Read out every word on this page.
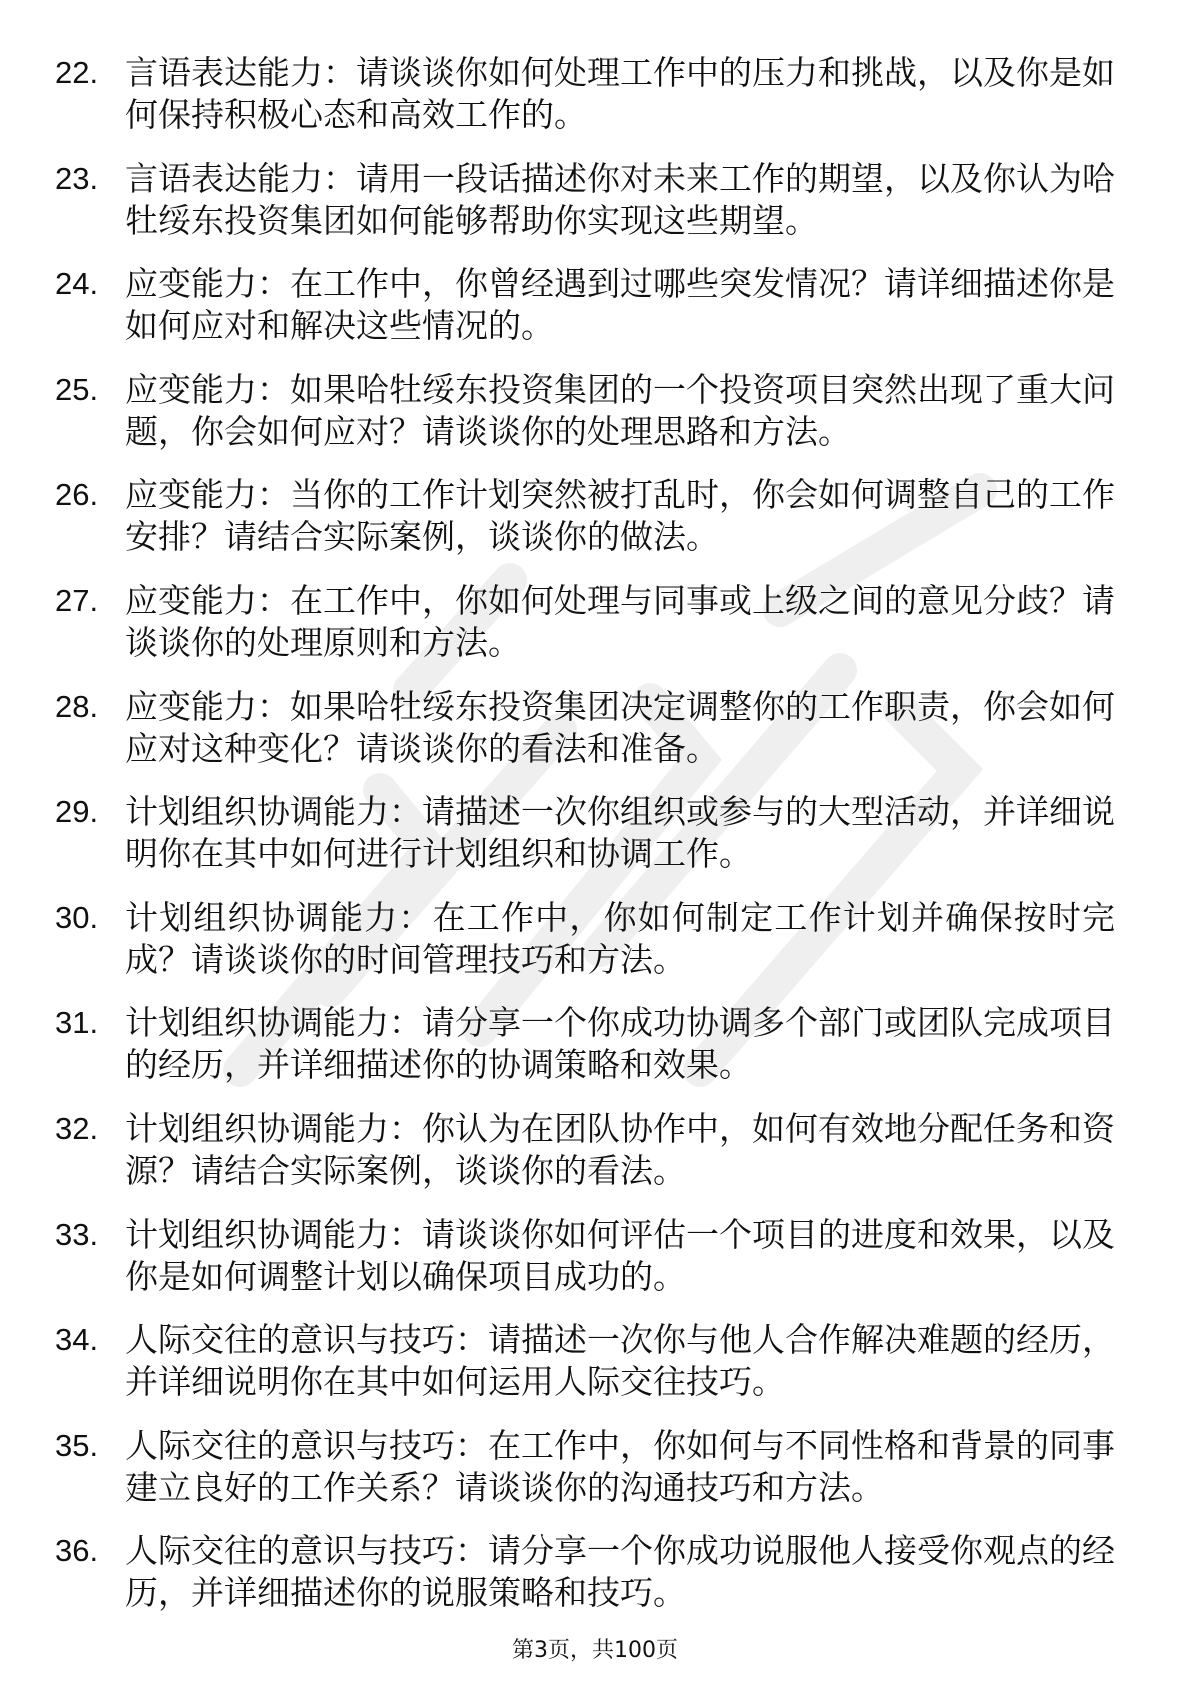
22. 言语表达能力：请谈谈你如何处理工作中的压力和挑战，以及你是如何保持积极心态和高效工作的。
23. 言语表达能力：请用一段话描述你对未来工作的期望，以及你认为哈牡绥东投资集团如何能够帮助你实现这些期望。
24. 应变能力：在工作中，你曾经遇到过哪些突发情况？请详细描述你是如何应对和解决这些情况的。
25. 应变能力：如果哈牡绥东投资集团的一个投资项目突然出现了重大问题，你会如何应对？请谈谈你的处理思路和方法。
26. 应变能力：当你的工作计划突然被打乱时，你会如何调整自己的工作安排？请结合实际案例，谈谈你的做法。
27. 应变能力：在工作中，你如何处理与同事或上级之间的意见分歧？请谈谈你的处理原则和方法。
28. 应变能力：如果哈牡绥东投资集团决定调整你的工作职责，你会如何应对这种变化？请谈谈你的看法和准备。
29. 计划组织协调能力：请描述一次你组织或参与的大型活动，并详细说明你在其中如何进行计划组织和协调工作。
30. 计划组织协调能力：在工作中，你如何制定工作计划并确保按时完成？请谈谈你的时间管理技巧和方法。
31. 计划组织协调能力：请分享一个你成功协调多个部门或团队完成项目的经历，并详细描述你的协调策略和效果。
32. 计划组织协调能力：你认为在团队协作中，如何有效地分配任务和资源？请结合实际案例，谈谈你的看法。
33. 计划组织协调能力：请谈谈你如何评估一个项目的进度和效果，以及你是如何调整计划以确保项目成功的。
34. 人际交往的意识与技巧：请描述一次你与他人合作解决难题的经历，并详细说明你在其中如何运用人际交往技巧。
35. 人际交往的意识与技巧：在工作中，你如何与不同性格和背景的同事建立良好的工作关系？请谈谈你的沟通技巧和方法。
36. 人际交往的意识与技巧：请分享一个你成功说服他人接受你观点的经历，并详细描述你的说服策略和技巧。
第3页，共100页
